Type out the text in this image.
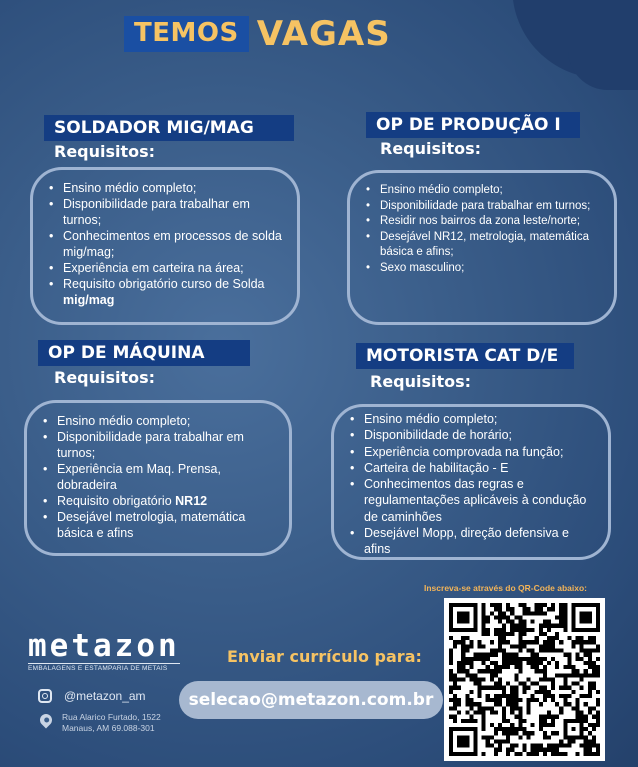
TEMOS VAGAS
SOLDADOR MIG/MAG
Requisitos:
• Ensino médio completo;
• Disponibilidade para trabalhar em turnos;
• Conhecimentos em processos de solda mig/mag;
• Experiência em carteira na área;
• Requisito obrigatório curso de Solda
mig/mag
OP DE PRODUÇÃO I
Requisitos:
• Ensino médio completo;
• Disponibilidade para trabalhar em turnos;
• Residir nos bairros da zona leste/norte;
• Desejável NR12, metrologia, matemática básica e afins;
• Sexo masculino;
OP DE MÁQUINA
Requisitos:
• Ensino médio completo;
• Disponibilidade para trabalhar em turnos;
• Experiência em Maq. Prensa, dobradeira
• Requisito obrigatório NR12
• Desejável metrologia, matemática básica e afins
MOTORISTA CAT D/E
Requisitos:
• Ensino médio completo;
• Disponibilidade de horário;
• Experiência comprovada na função;
• Carteira de habilitação - E
• Conhecimentos das regras e regulamentações aplicáveis à condução de caminhões
• Desejável Mopp, direção defensiva e afins
Inscreva-se através do QR-Code abaixo:
metazon
EMBALAGENS E ESTAMPARIA DE METAIS
Enviar currículo para:
selecao@metazon.com.br
@metazon_am
Rua Alarico Furtado, 1522
Manaus, AM 69.088-301
